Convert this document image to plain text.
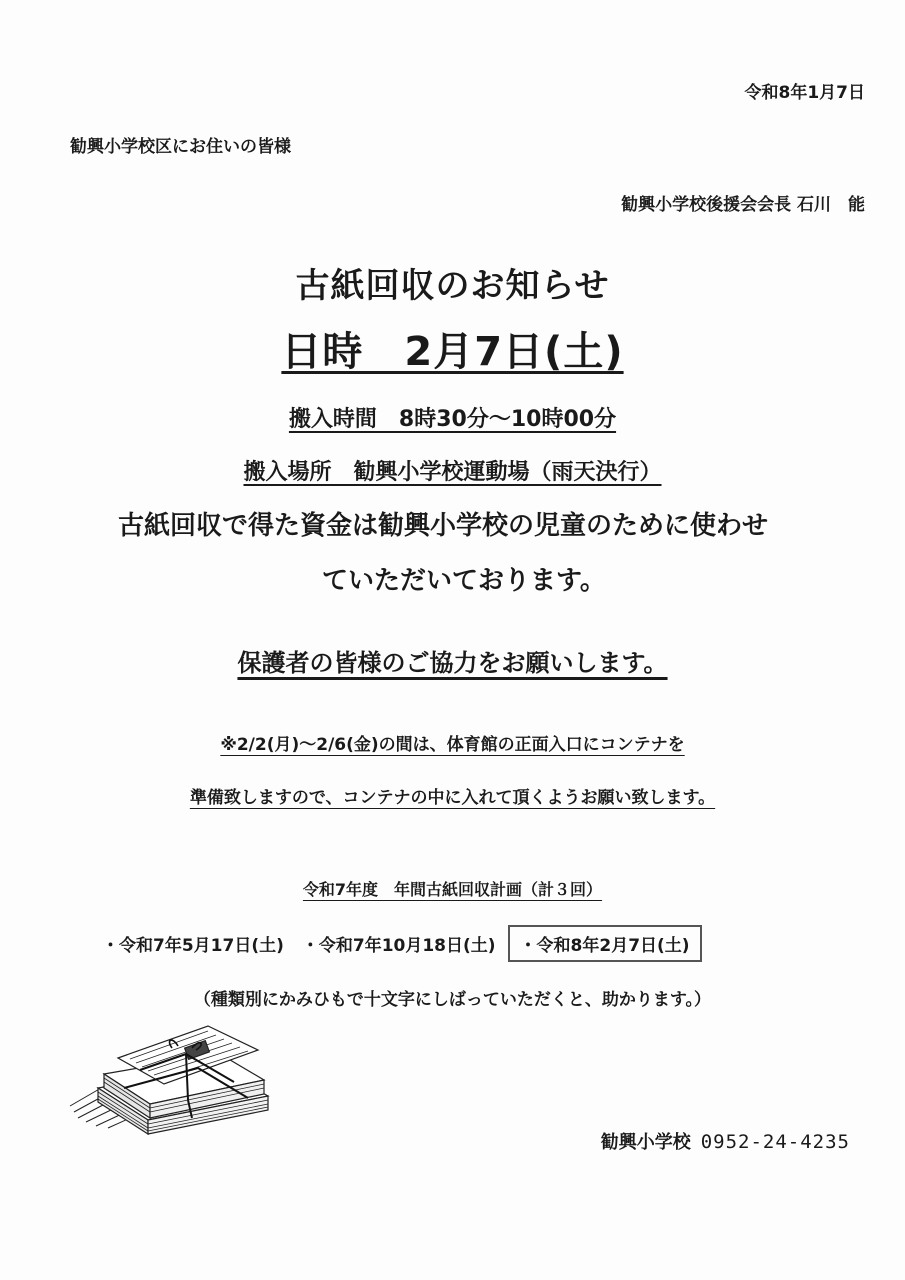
令和8年1月7日
勧興小学校区にお住いの皆様
勧興小学校後援会会長 石川　能
古紙回収のお知らせ
日時　2月7日(土)
搬入時間　8時30分～10時00分
搬入場所　勧興小学校運動場（雨天決行）
古紙回収で得た資金は勧興小学校の児童のために使わせ
ていただいております。
保護者の皆様のご協力をお願いします。
※2/2(月)～2/6(金)の間は、体育館の正面入口にコンテナを
準備致しますので、コンテナの中に入れて頂くようお願い致します。
令和7年度　年間古紙回収計画（計３回）
・令和7年5月17日(土) ・令和7年10月18日(土)	・令和8年2月7日(土)
（種類別にかみひもで十文字にしばっていただくと、助かります。）
勧興小学校 0952-24-4235
